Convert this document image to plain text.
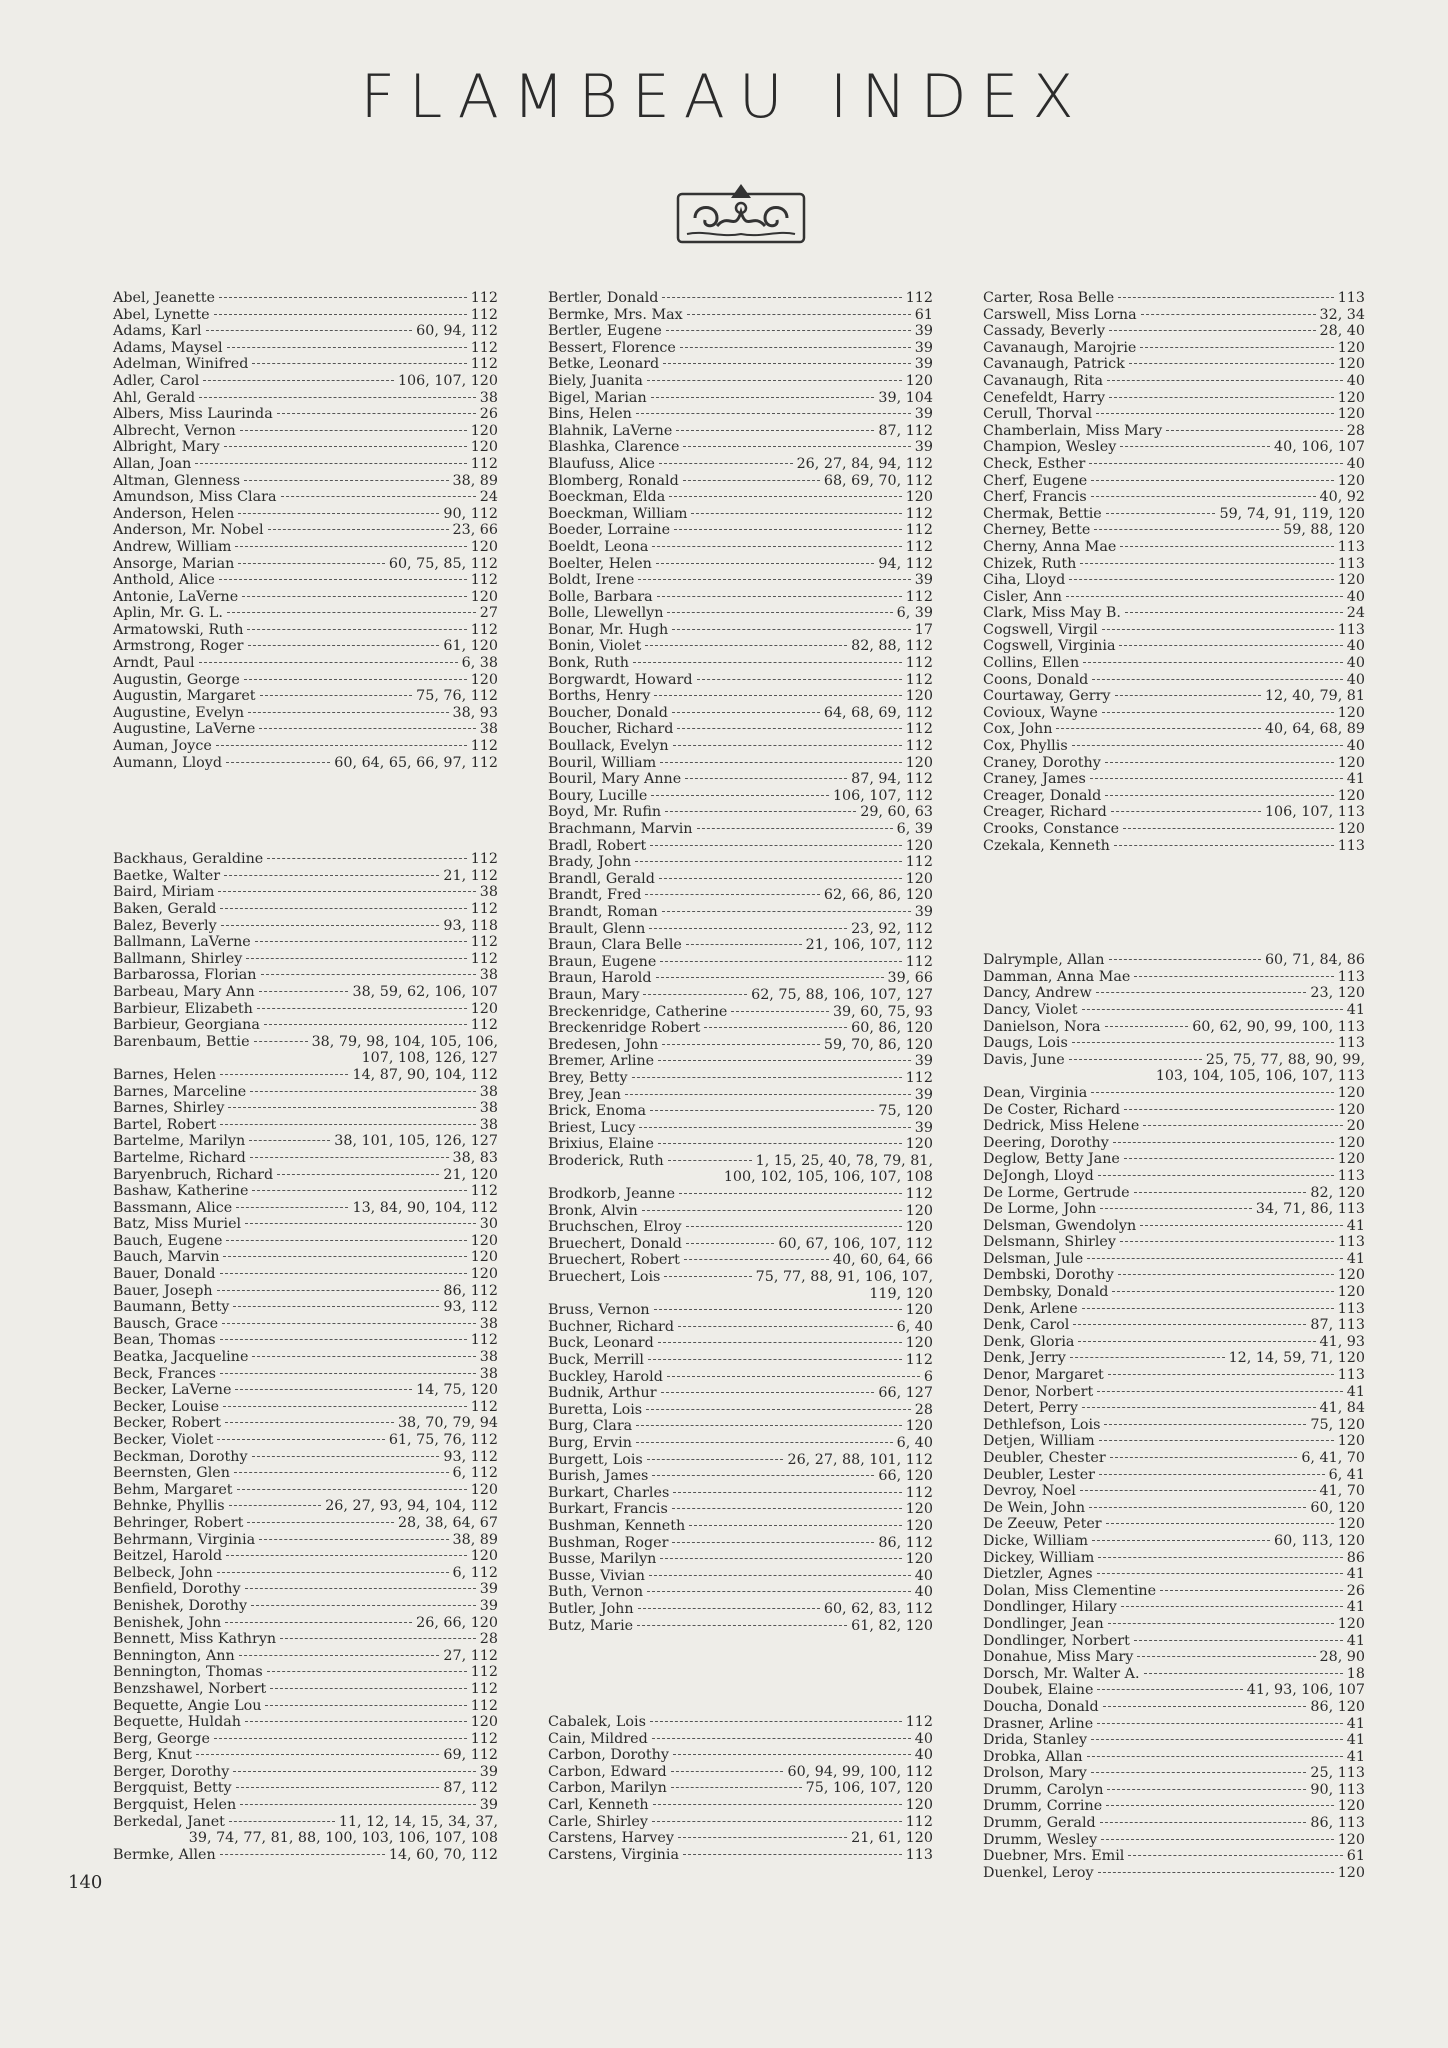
FLAMBEAU INDEX
Abel, Jeanette	112
Abel, Lynette	112
Adams, Karl	60, 94, 112
Adams, Maysel	112
Adelman, Winifred	112
Adler, Carol	106, 107, 120
Ahl, Gerald	38
Albers, Miss Laurinda	26
Albrecht, Vernon	120
Albright, Mary	120
Allan, Joan	112
Altman, Glenness	38, 89
Amundson, Miss Clara	24
Anderson, Helen	90, 112
Anderson, Mr. Nobel	23, 66
Andrew, William	120
Ansorge, Marian	60, 75, 85, 112
Anthold, Alice	112
Antonie, LaVerne	120
Aplin, Mr. G. L.	27
Armatowski, Ruth	112
Armstrong, Roger	61, 120
Arndt, Paul	6, 38
Augustin, George	120
Augustin, Margaret	75, 76, 112
Augustine, Evelyn	38, 93
Augustine, LaVerne	38
Auman, Joyce	112
Aumann, Lloyd	60, 64, 65, 66, 97, 112
Backhaus, Geraldine	112
Baetke, Walter	21, 112
Baird, Miriam	38
Baken, Gerald	112
Balez, Beverly	93, 118
Ballmann, LaVerne	112
Ballmann, Shirley	112
Barbarossa, Florian	38
Barbeau, Mary Ann	38, 59, 62, 106, 107
Barbieur, Elizabeth	120
Barbieur, Georgiana	112
Barenbaum, Bettie	38, 79, 98, 104, 105, 106,
107, 108, 126, 127
Barnes, Helen	14, 87, 90, 104, 112
Barnes, Marceline	38
Barnes, Shirley	38
Bartel, Robert	38
Bartelme, Marilyn	38, 101, 105, 126, 127
Bartelme, Richard	38, 83
Baryenbruch, Richard	21, 120
Bashaw, Katherine	112
Bassmann, Alice	13, 84, 90, 104, 112
Batz, Miss Muriel	30
Bauch, Eugene	120
Bauch, Marvin	120
Bauer, Donald	120
Bauer, Joseph	86, 112
Baumann, Betty	93, 112
Bausch, Grace	38
Bean, Thomas	112
Beatka, Jacqueline	38
Beck, Frances	38
Becker, LaVerne	14, 75, 120
Becker, Louise	112
Becker, Robert	38, 70, 79, 94
Becker, Violet	61, 75, 76, 112
Beckman, Dorothy	93, 112
Beernsten, Glen	6, 112
Behm, Margaret	120
Behnke, Phyllis	26, 27, 93, 94, 104, 112
Behringer, Robert	28, 38, 64, 67
Behrmann, Virginia	38, 89
Beitzel, Harold	120
Belbeck, John	6, 112
Benfield, Dorothy	39
Benishek, Dorothy	39
Benishek, John	26, 66, 120
Bennett, Miss Kathryn	28
Bennington, Ann	27, 112
Bennington, Thomas	112
Benzshawel, Norbert	112
Bequette, Angie Lou	112
Bequette, Huldah	120
Berg, George	112
Berg, Knut	69, 112
Berger, Dorothy	39
Bergquist, Betty	87, 112
Bergquist, Helen	39
Berkedal, Janet	11, 12, 14, 15, 34, 37,
39, 74, 77, 81, 88, 100, 103, 106, 107, 108
Bermke, Allen	14, 60, 70, 112
Bertler, Donald	112
Bermke, Mrs. Max	61
Bertler, Eugene	39
Bessert, Florence	39
Betke, Leonard	39
Biely, Juanita	120
Bigel, Marian	39, 104
Bins, Helen	39
Blahnik, LaVerne	87, 112
Blashka, Clarence	39
Blaufuss, Alice	26, 27, 84, 94, 112
Blomberg, Ronald	68, 69, 70, 112
Boeckman, Elda	120
Boeckman, William	112
Boeder, Lorraine	112
Boeldt, Leona	112
Boelter, Helen	94, 112
Boldt, Irene	39
Bolle, Barbara	112
Bolle, Llewellyn	6, 39
Bonar, Mr. Hugh	17
Bonin, Violet	82, 88, 112
Bonk, Ruth	112
Borgwardt, Howard	112
Borths, Henry	120
Boucher, Donald	64, 68, 69, 112
Boucher, Richard	112
Boullack, Evelyn	112
Bouril, William	120
Bouril, Mary Anne	87, 94, 112
Boury, Lucille	106, 107, 112
Boyd, Mr. Rufin	29, 60, 63
Brachmann, Marvin	6, 39
Bradl, Robert	120
Brady, John	112
Brandl, Gerald	120
Brandt, Fred	62, 66, 86, 120
Brandt, Roman	39
Brault, Glenn	23, 92, 112
Braun, Clara Belle	21, 106, 107, 112
Braun, Eugene	112
Braun, Harold	39, 66
Braun, Mary	62, 75, 88, 106, 107, 127
Breckenridge, Catherine	39, 60, 75, 93
Breckenridge Robert	60, 86, 120
Bredesen, John	59, 70, 86, 120
Bremer, Arline	39
Brey, Betty	112
Brey, Jean	39
Brick, Enoma	75, 120
Briest, Lucy	39
Brixius, Elaine	120
Broderick, Ruth	1, 15, 25, 40, 78, 79, 81,
100, 102, 105, 106, 107, 108
Brodkorb, Jeanne	112
Bronk, Alvin	120
Bruchschen, Elroy	120
Bruechert, Donald	60, 67, 106, 107, 112
Bruechert, Robert	40, 60, 64, 66
Bruechert, Lois	75, 77, 88, 91, 106, 107,
119, 120
Bruss, Vernon	120
Buchner, Richard	6, 40
Buck, Leonard	120
Buck, Merrill	112
Buckley, Harold	6
Budnik, Arthur	66, 127
Buretta, Lois	28
Burg, Clara	120
Burg, Ervin	6, 40
Burgett, Lois	26, 27, 88, 101, 112
Burish, James	66, 120
Burkart, Charles	112
Burkart, Francis	120
Bushman, Kenneth	120
Bushman, Roger	86, 112
Busse, Marilyn	120
Busse, Vivian	40
Buth, Vernon	40
Butler, John	60, 62, 83, 112
Butz, Marie	61, 82, 120
Cabalek, Lois	112
Cain, Mildred	40
Carbon, Dorothy	40
Carbon, Edward	60, 94, 99, 100, 112
Carbon, Marilyn	75, 106, 107, 120
Carl, Kenneth	120
Carle, Shirley	112
Carstens, Harvey	21, 61, 120
Carstens, Virginia	113
Carter, Rosa Belle	113
Carswell, Miss Lorna	32, 34
Cassady, Beverly	28, 40
Cavanaugh, Marojrie	120
Cavanaugh, Patrick	120
Cavanaugh, Rita	40
Cenefeldt, Harry	120
Cerull, Thorval	120
Chamberlain, Miss Mary	28
Champion, Wesley	40, 106, 107
Check, Esther	40
Cherf, Eugene	120
Cherf, Francis	40, 92
Chermak, Bettie	59, 74, 91, 119, 120
Cherney, Bette	59, 88, 120
Cherny, Anna Mae	113
Chizek, Ruth	113
Ciha, Lloyd	120
Cisler, Ann	40
Clark, Miss May B.	24
Cogswell, Virgil	113
Cogswell, Virginia	40
Collins, Ellen	40
Coons, Donald	40
Courtaway, Gerry	12, 40, 79, 81
Covioux, Wayne	120
Cox, John	40, 64, 68, 89
Cox, Phyllis	40
Craney, Dorothy	120
Craney, James	41
Creager, Donald	120
Creager, Richard	106, 107, 113
Crooks, Constance	120
Czekala, Kenneth	113
Dalrymple, Allan	60, 71, 84, 86
Damman, Anna Mae	113
Dancy, Andrew	23, 120
Dancy, Violet	41
Danielson, Nora	60, 62, 90, 99, 100, 113
Daugs, Lois	113
Davis, June	25, 75, 77, 88, 90, 99,
103, 104, 105, 106, 107, 113
Dean, Virginia	120
De Coster, Richard	120
Dedrick, Miss Helene	20
Deering, Dorothy	120
Deglow, Betty Jane	120
DeJongh, Lloyd	113
De Lorme, Gertrude	82, 120
De Lorme, John	34, 71, 86, 113
Delsman, Gwendolyn	41
Delsmann, Shirley	113
Delsman, Jule	41
Dembski, Dorothy	120
Dembsky, Donald	120
Denk, Arlene	113
Denk, Carol	87, 113
Denk, Gloria	41, 93
Denk, Jerry	12, 14, 59, 71, 120
Denor, Margaret	113
Denor, Norbert	41
Detert, Perry	41, 84
Dethlefson, Lois	75, 120
Detjen, William	120
Deubler, Chester	6, 41, 70
Deubler, Lester	6, 41
Devroy, Noel	41, 70
De Wein, John	60, 120
De Zeeuw, Peter	120
Dicke, William	60, 113, 120
Dickey, William	86
Dietzler, Agnes	41
Dolan, Miss Clementine	26
Dondlinger, Hilary	41
Dondlinger, Jean	120
Dondlinger, Norbert	41
Donahue, Miss Mary	28, 90
Dorsch, Mr. Walter A.	18
Doubek, Elaine	41, 93, 106, 107
Doucha, Donald	86, 120
Drasner, Arline	41
Drida, Stanley	41
Drobka, Allan	41
Drolson, Mary	25, 113
Drumm, Carolyn	90, 113
Drumm, Corrine	120
Drumm, Gerald	86, 113
Drumm, Wesley	120
Duebner, Mrs. Emil	61
Duenkel, Leroy	120
140
